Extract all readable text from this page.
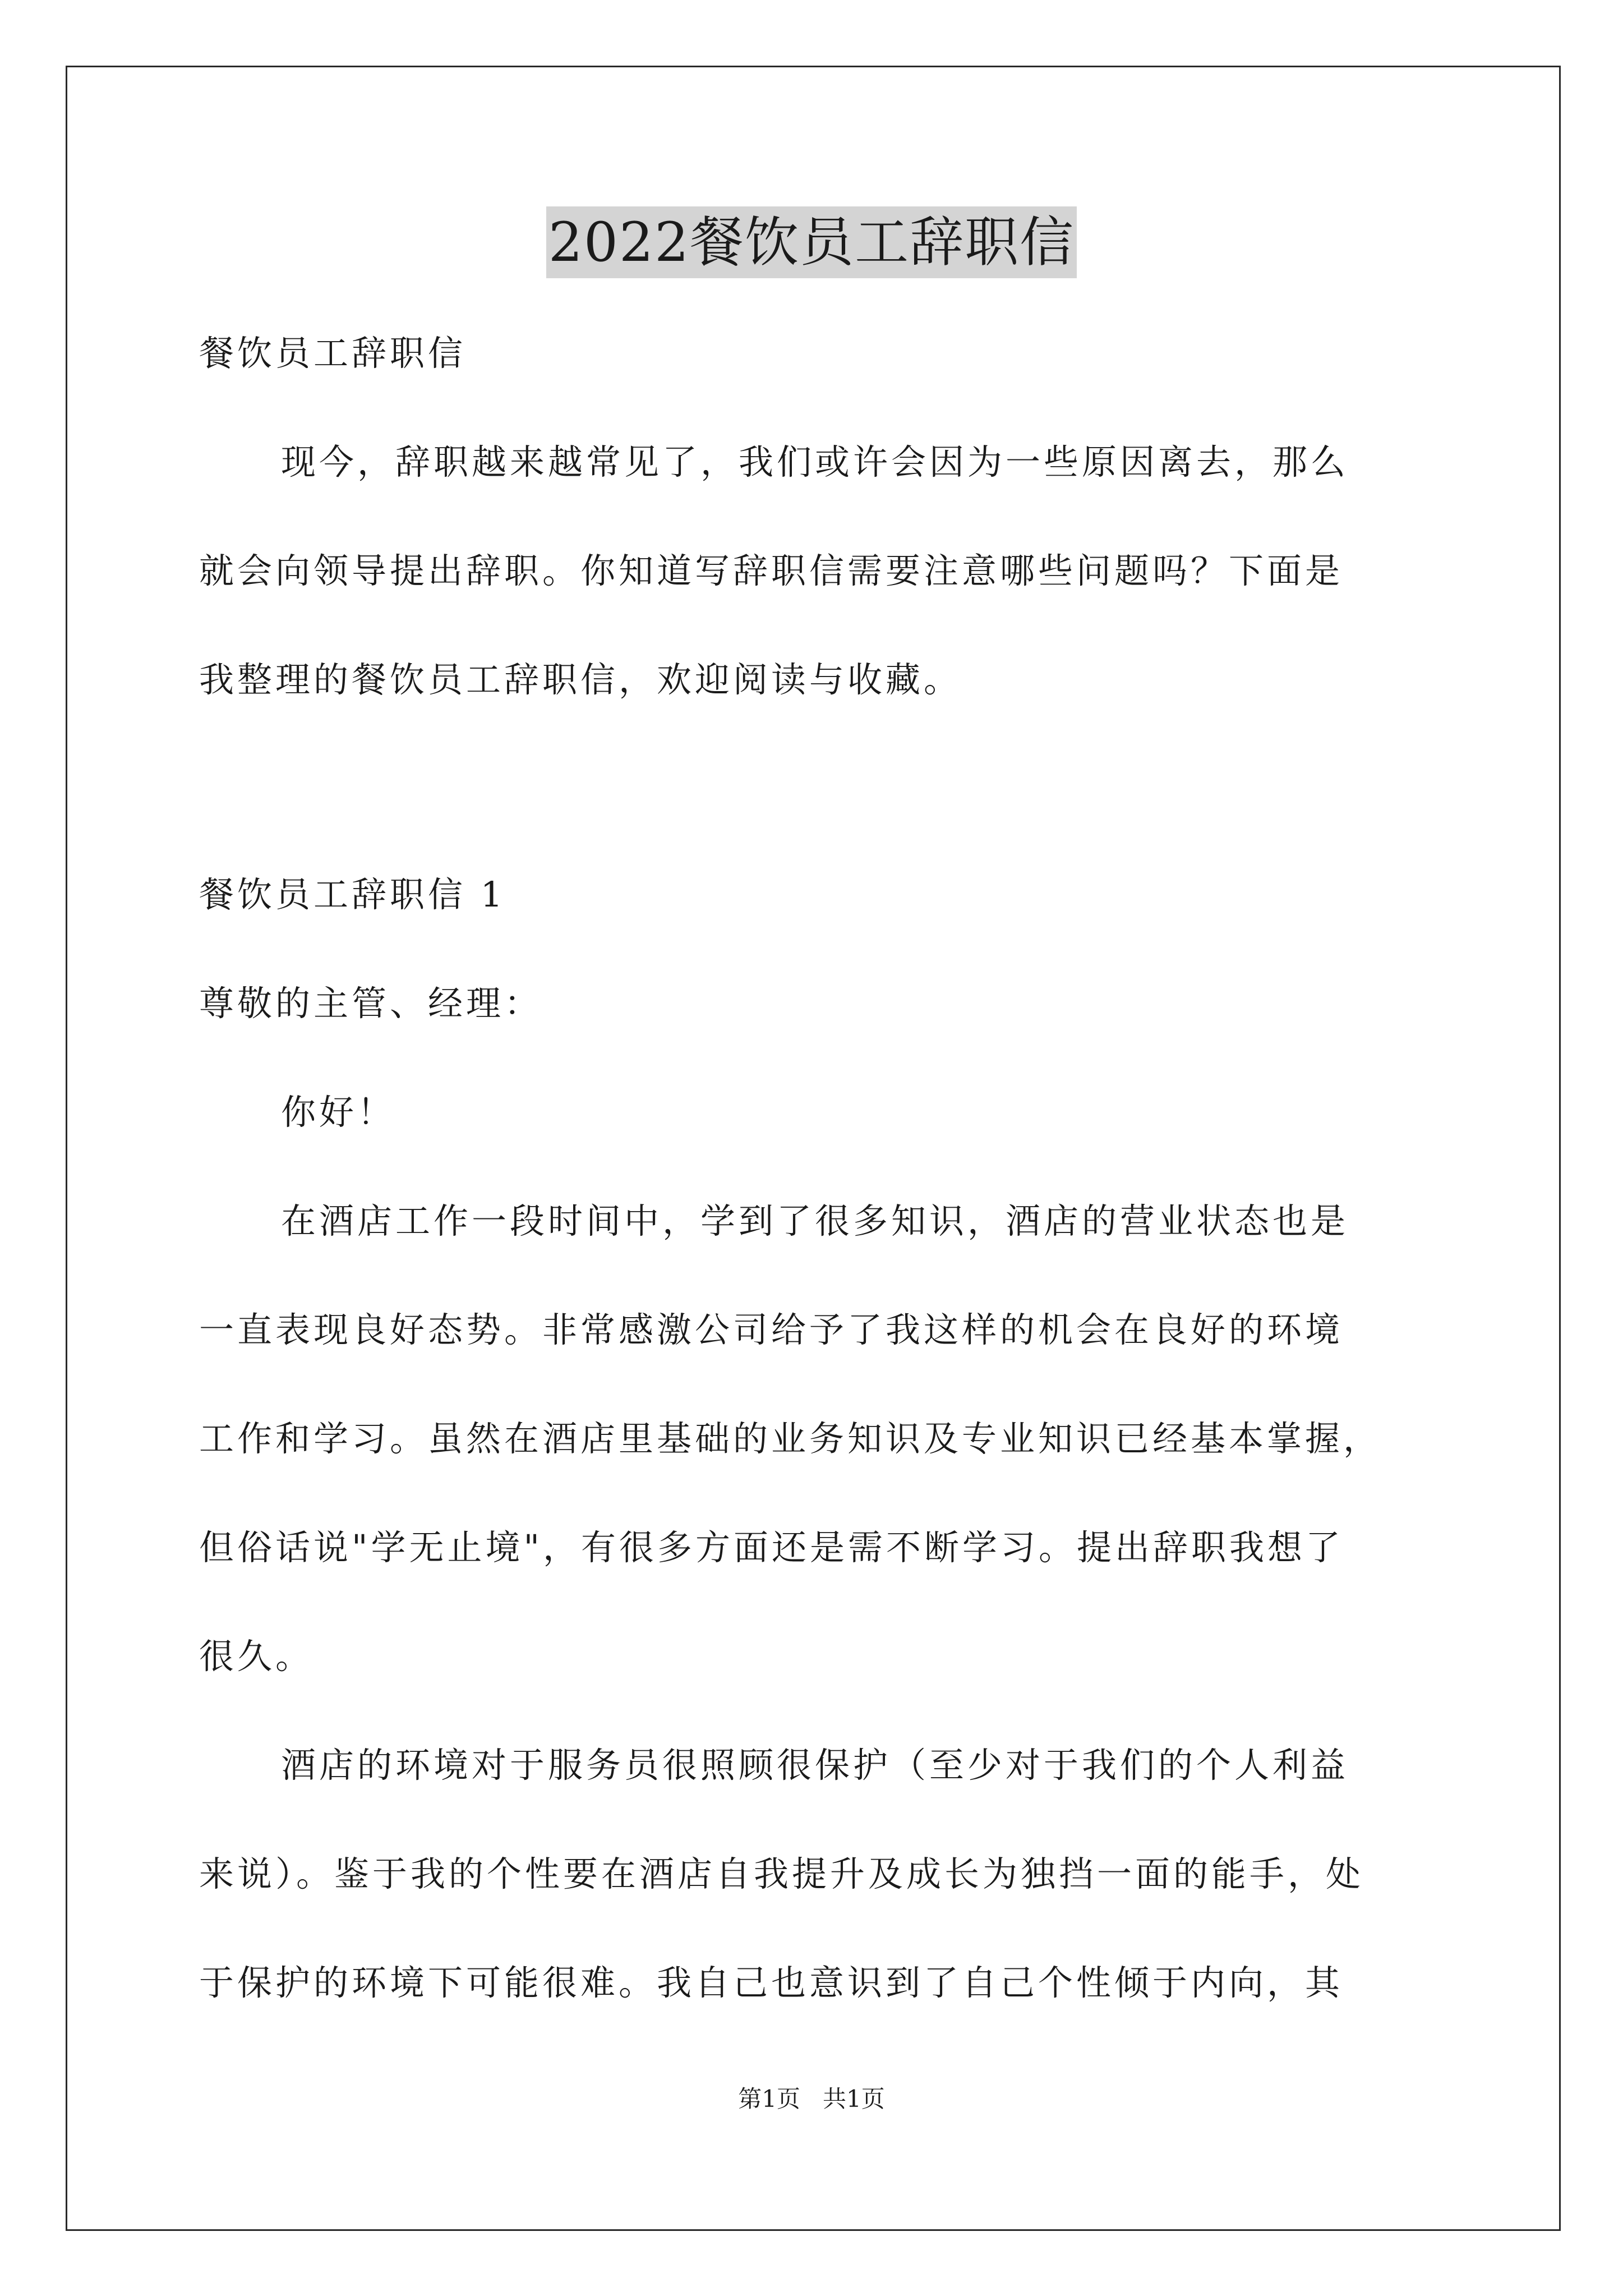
2022餐饮员工辞职信
餐饮员工辞职信
现今，辞职越来越常见了，我们或许会因为一些原因离去，那么
就会向领导提出辞职。你知道写辞职信需要注意哪些问题吗？下面是
我整理的餐饮员工辞职信，欢迎阅读与收藏。
餐饮员工辞职信 1
尊敬的主管、经理：
你好！
在酒店工作一段时间中，学到了很多知识，酒店的营业状态也是
一直表现良好态势。非常感激公司给予了我这样的机会在良好的环境
工作和学习。虽然在酒店里基础的业务知识及专业知识已经基本掌握，
但俗话说"学无止境"，有很多方面还是需不断学习。提出辞职我想了
很久。
酒店的环境对于服务员很照顾很保护（至少对于我们的个人利益
来说）。鉴于我的个性要在酒店自我提升及成长为独挡一面的能手，处
于保护的环境下可能很难。我自己也意识到了自己个性倾于内向，其
第1页   共1页
